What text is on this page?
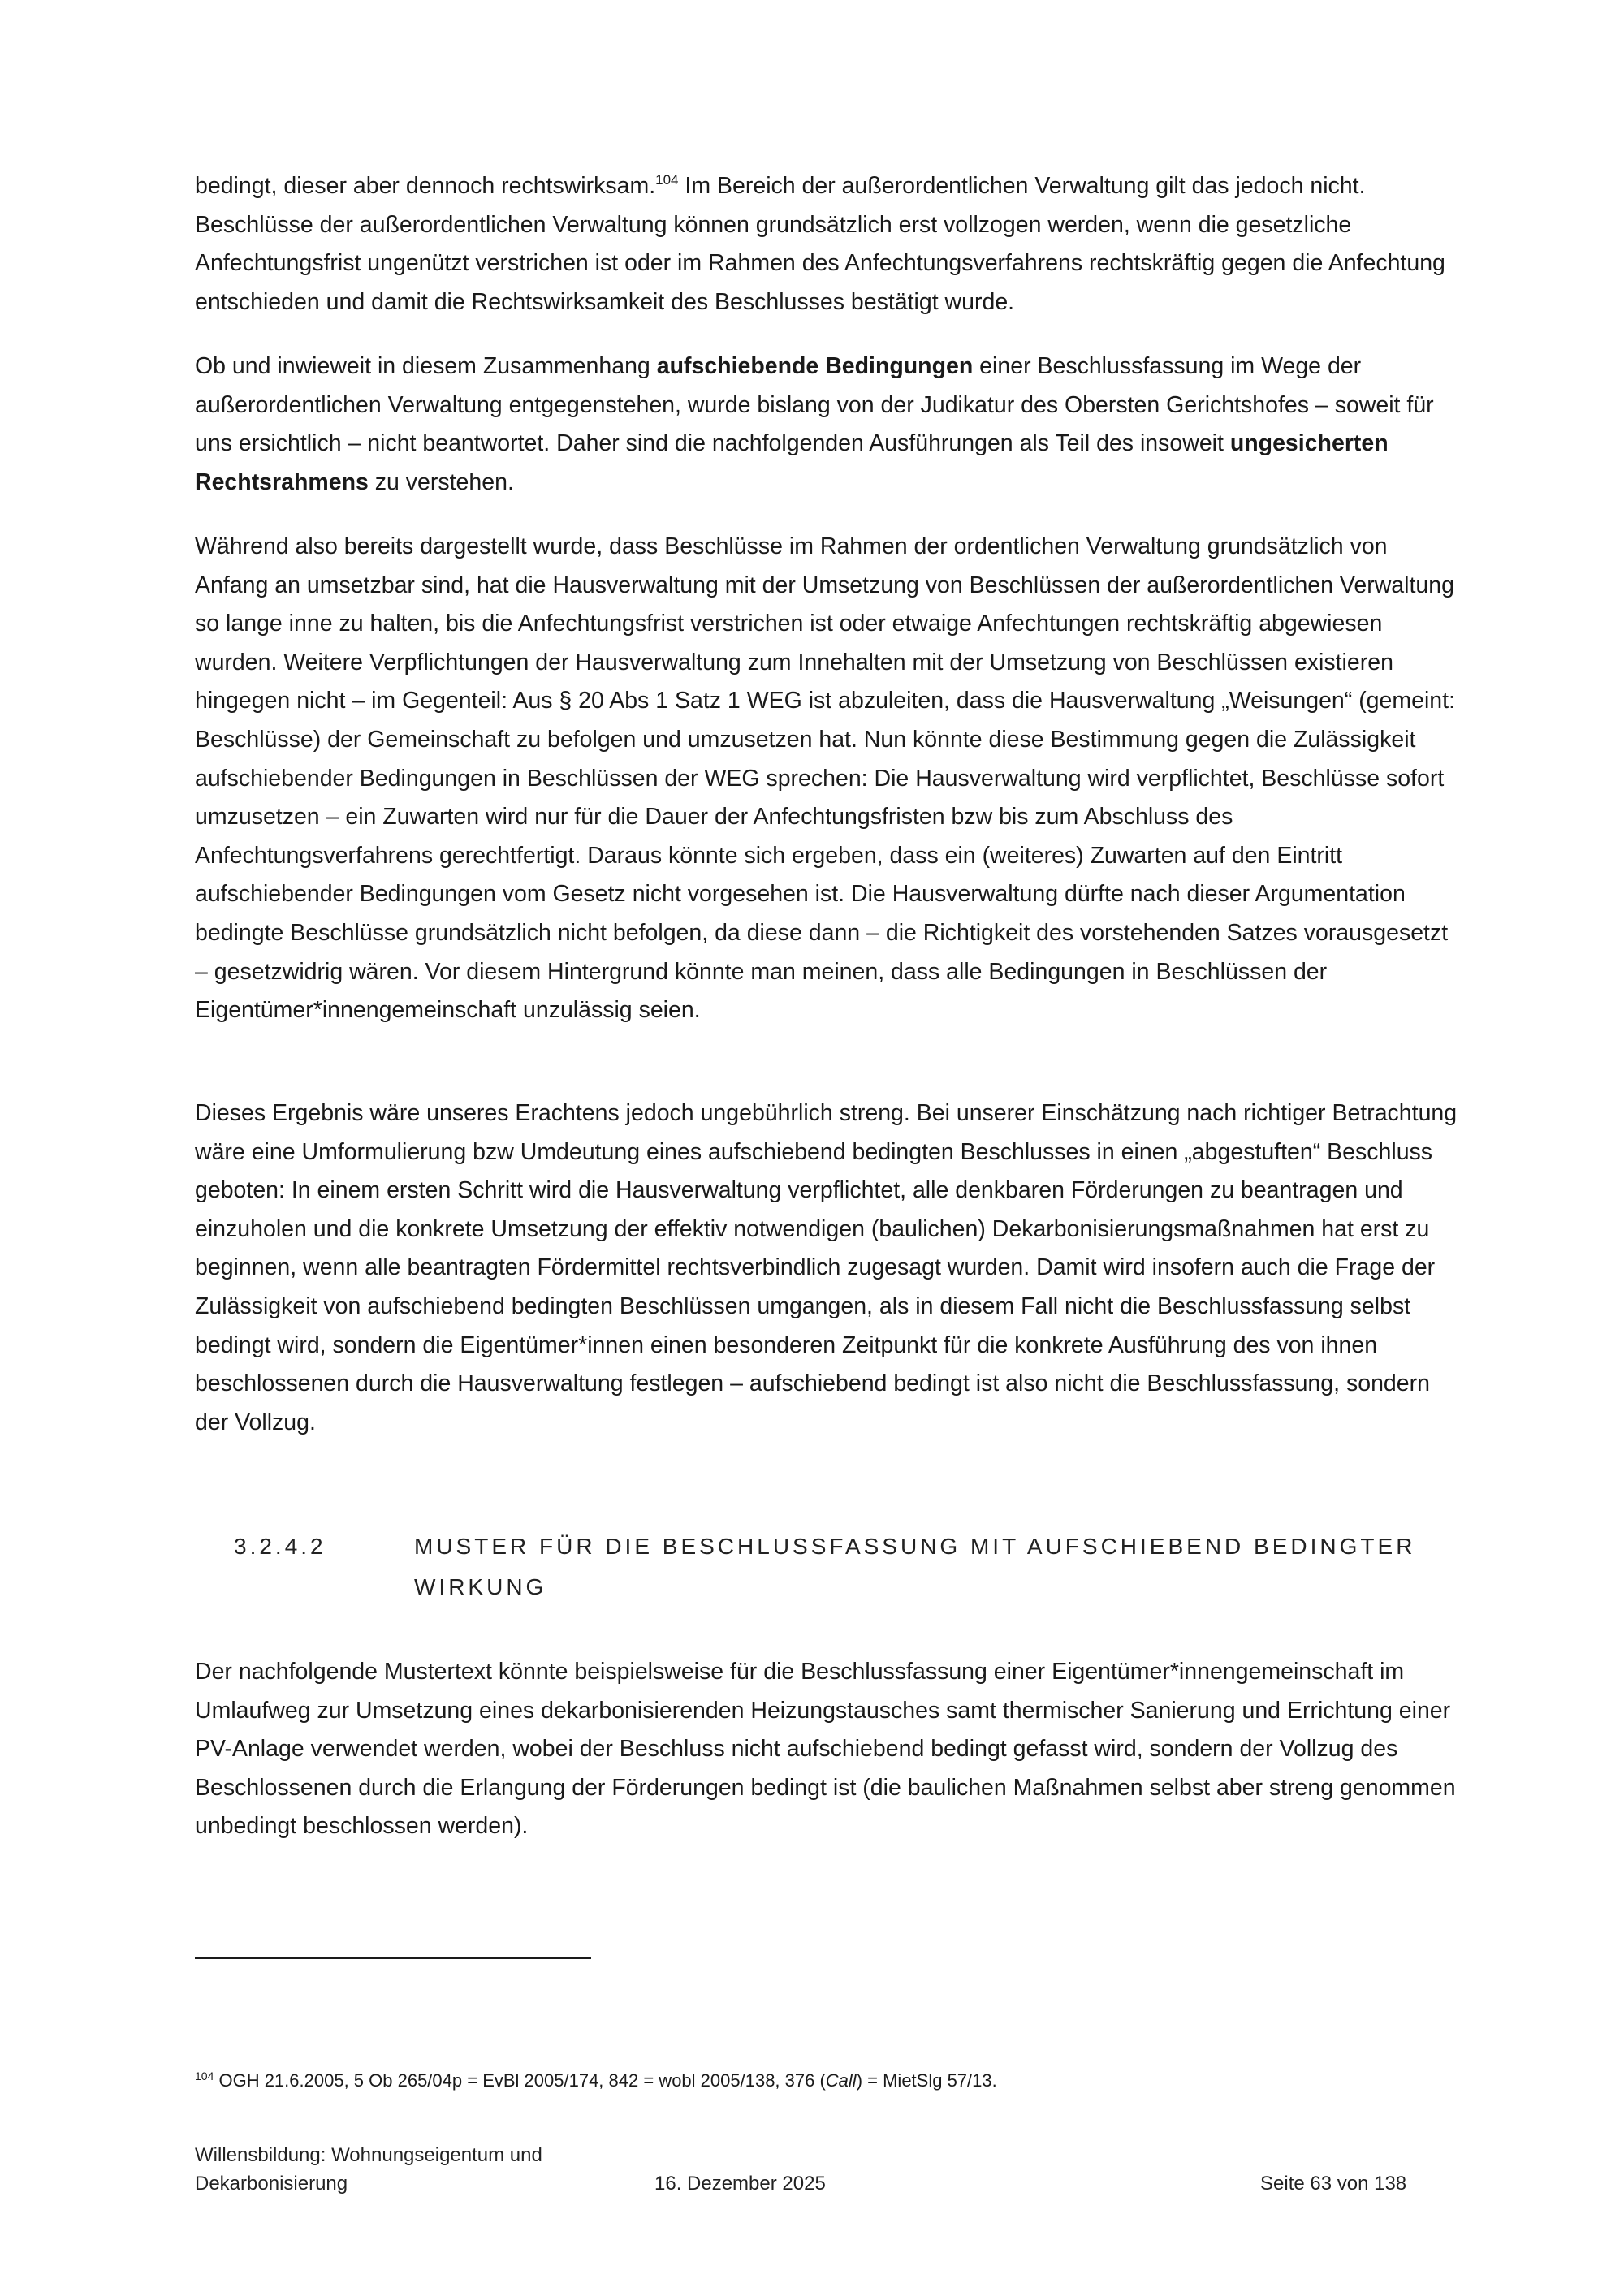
bedingt, dieser aber dennoch rechtswirksam.$^{104}$ Im Bereich der außerordentlichen Verwaltung gilt das jedoch nicht. Beschlüsse der außerordentlichen Verwaltung können grundsätzlich erst vollzogen werden, wenn die gesetzliche Anfechtungsfrist ungenützt verstrichen ist oder im Rahmen des Anfechtungsverfahrens rechtskräftig gegen die Anfechtung entschieden und damit die Rechtswirksamkeit des Beschlusses bestätigt wurde.

Ob und inwieweit in diesem Zusammenhang aufschiebende Bedingungen einer Beschlussfassung im Wege der außerordentlichen Verwaltung entgegenstehen, wurde bislang von der Judikatur des Obersten Gerichtshofes – soweit für uns ersichtlich – nicht beantwortet. Daher sind die nachfolgenden Ausführungen als Teil des insoweit ungesicherten Rechtsrahmens zu verstehen.

Während also bereits dargestellt wurde, dass Beschlüsse im Rahmen der ordentlichen Verwaltung grundsätzlich von Anfang an umsetzbar sind, hat die Hausverwaltung mit der Umsetzung von Beschlüssen der außerordentlichen Verwaltung so lange inne zu halten, bis die Anfechtungsfrist verstrichen ist oder etwaige Anfechtungen rechtskräftig abgewiesen wurden. Weitere Verpflichtungen der Hausverwaltung zum Innehalten mit der Umsetzung von Beschlüssen existieren hingegen nicht – im Gegenteil: Aus § 20 Abs 1 Satz 1 WEG ist abzuleiten, dass die Hausverwaltung „Weisungen“ (gemeint: Beschlüsse) der Gemeinschaft zu befolgen und umzusetzen hat. Nun könnte diese Bestimmung gegen die Zulässigkeit aufschiebender Bedingungen in Beschlüssen der WEG sprechen: Die Hausverwaltung wird verpflichtet, Beschlüsse sofort umzusetzen – ein Zuwarten wird nur für die Dauer der Anfechtungsfristen bzw bis zum Abschluss des Anfechtungsverfahrens gerechtfertigt. Daraus könnte sich ergeben, dass ein (weiteres) Zuwarten auf den Eintritt aufschiebender Bedingungen vom Gesetz nicht vorgesehen ist. Die Hausverwaltung dürfte nach dieser Argumentation bedingte Beschlüsse grundsätzlich nicht befolgen, da diese dann – die Richtigkeit des vorstehenden Satzes vorausgesetzt – gesetzwidrig wären. Vor diesem Hintergrund könnte man meinen, dass alle Bedingungen in Beschlüssen der Eigentümer*innengemeinschaft unzulässig seien.

Dieses Ergebnis wäre unseres Erachtens jedoch ungebührlich streng. Bei unserer Einschätzung nach richtiger Betrachtung wäre eine Umformulierung bzw Umdeutung eines aufschiebend bedingten Beschlusses in einen „abgestuften“ Beschluss geboten: In einem ersten Schritt wird die Hausverwaltung verpflichtet, alle denkbaren Förderungen zu beantragen und einzuholen und die konkrete Umsetzung der effektiv notwendigen (baulichen) Dekarbonisierungsmaßnahmen hat erst zu beginnen, wenn alle beantragten Fördermittel rechtsverbindlich zugesagt wurden. Damit wird insofern auch die Frage der Zulässigkeit von aufschiebend bedingten Beschlüssen umgangen, als in diesem Fall nicht die Beschlussfassung selbst bedingt wird, sondern die Eigentümer*innen einen besonderen Zeitpunkt für die konkrete Ausführung des von ihnen beschlossenen durch die Hausverwaltung festlegen – aufschiebend bedingt ist also nicht die Beschlussfassung, sondern der Vollzug.

3.2.4.2	MUSTER FÜR DIE BESCHLUSSFASSUNG MIT AUFSCHIEBEND BEDINGTER WIRKUNG

Der nachfolgende Mustertext könnte beispielsweise für die Beschlussfassung einer Eigentümer*innengemeinschaft im Umlaufweg zur Umsetzung eines dekarbonisierenden Heizungstausches samt thermischer Sanierung und Errichtung einer PV-Anlage verwendet werden, wobei der Beschluss nicht aufschiebend bedingt gefasst wird, sondern der Vollzug des Beschlossenen durch die Erlangung der Förderungen bedingt ist (die baulichen Maßnahmen selbst aber streng genommen unbedingt beschlossen werden).

$^{104}$ OGH 21.6.2005, 5 Ob 265/04p = EvBl 2005/174, 842 = wobl 2005/138, 376 (Call) = MietSlg 57/13.
Willensbildung: Wohnungseigentum und
Dekarbonisierung	16. Dezember 2025	Seite 63 von 138
